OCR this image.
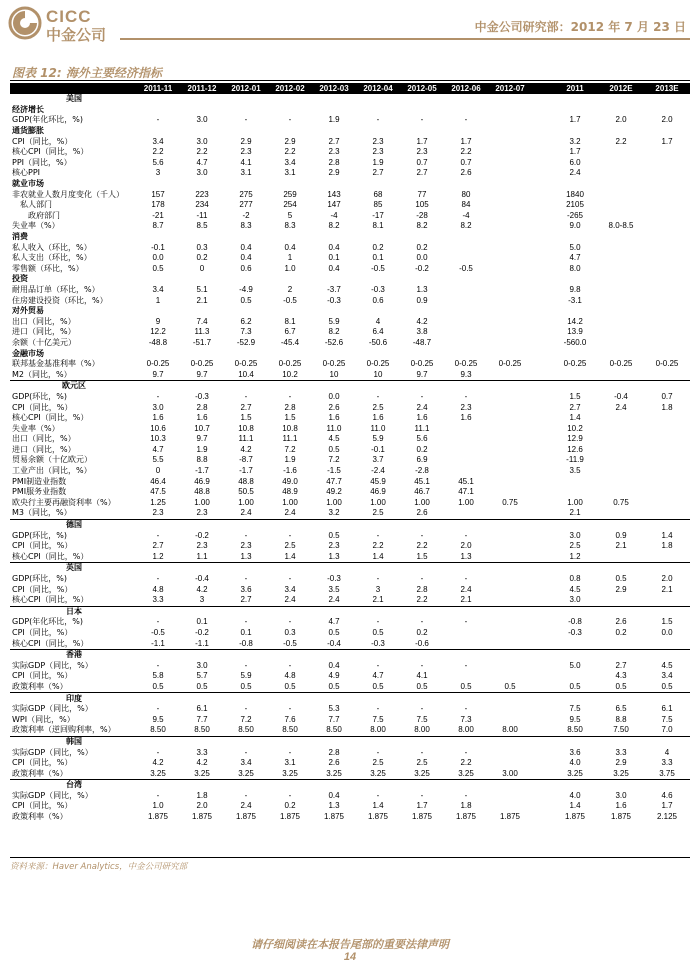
CICC
中金公司	中金公司研究部：2012 年 7 月 23 日
图表 12: 海外主要经济指标
	2011-11	2011-12	2012-01	2012-02	2012-03	2012-04	2012-05	2012-06	2012-07		2011	2012E	2013E
美国													
经济增长													
GDP(年化环比，%)	-	3.0	-	-	1.9	-	-	-			1.7	2.0	2.0
通货膨胀													
CPI（同比，%）	3.4	3.0	2.9	2.9	2.7	2.3	1.7	1.7			3.2	2.2	1.7
核心CPI（同比，%）	2.2	2.2	2.3	2.2	2.3	2.3	2.3	2.2			1.7		
PPI（同比，%）	5.6	4.7	4.1	3.4	2.8	1.9	0.7	0.7			6.0		
核心PPI	3	3.0	3.1	3.1	2.9	2.7	2.7	2.6			2.4		
就业市场													
非农就业人数月度变化（千人）	157	223	275	259	143	68	77	80			1840		
　私人部门	178	234	277	254	147	85	105	84			2105		
　　政府部门	-21	-11	-2	5	-4	-17	-28	-4			-265		
失业率（%）	8.7	8.5	8.3	8.3	8.2	8.1	8.2	8.2			9.0	8.0-8.5	
消费													
私人收入（环比，%）	-0.1	0.3	0.4	0.4	0.4	0.2	0.2				5.0		
私人支出（环比，%）	0.0	0.2	0.4	1	0.1	0.1	0.0				4.7		
零售额（环比，%）	0.5	0	0.6	1.0	0.4	-0.5	-0.2	-0.5			8.0		
投资													
耐用品订单（环比，%）	3.4	5.1	-4.9	2	-3.7	-0.3	1.3				9.8		
住房建设投资（环比，%）	1	2.1	0.5	-0.5	-0.3	0.6	0.9				-3.1		
对外贸易													
出口（同比，%）	9	7.4	6.2	8.1	5.9	4	4.2				14.2		
进口（同比，%）	12.2	11.3	7.3	6.7	8.2	6.4	3.8				13.9		
余额（十亿美元）	-48.8	-51.7	-52.9	-45.4	-52.6	-50.6	-48.7				-560.0		
金融市场													
联邦基金基准利率（%）	0-0.25	0-0.25	0-0.25	0-0.25	0-0.25	0-0.25	0-0.25	0-0.25	0-0.25		0-0.25	0-0.25	0-0.25
M2（同比，%）	9.7	9.7	10.4	10.2	10	10	9.7	9.3					
欧元区													
GDP(环比，%)	-	-0.3	-	-	0.0	-	-	-			1.5	-0.4	0.7
CPI（同比，%）	3.0	2.8	2.7	2.8	2.6	2.5	2.4	2.3			2.7	2.4	1.8
核心CPI（同比，%）	1.6	1.6	1.5	1.5	1.6	1.6	1.6	1.6			1.4		
失业率（%）	10.6	10.7	10.8	10.8	11.0	11.0	11.1				10.2		
出口（同比，%）	10.3	9.7	11.1	11.1	4.5	5.9	5.6				12.9		
进口（同比，%）	4.7	1.9	4.2	7.2	0.5	-0.1	0.2				12.6		
贸易余额（十亿欧元）	5.5	8.8	-8.7	1.9	7.2	3.7	6.9				-11.9		
工业产出（同比，%）	0	-1.7	-1.7	-1.6	-1.5	-2.4	-2.8				3.5		
PMI制造业指数	46.4	46.9	48.8	49.0	47.7	45.9	45.1	45.1					
PMI服务业指数	47.5	48.8	50.5	48.9	49.2	46.9	46.7	47.1					
欧央行主要再融资利率（%）	1.25	1.00	1.00	1.00	1.00	1.00	1.00	1.00	0.75		1.00	0.75	
M3（同比，%）	2.3	2.3	2.4	2.4	3.2	2.5	2.6				2.1		
德国													
GDP(环比，%)	-	-0.2	-	-	0.5	-	-	-			3.0	0.9	1.4
CPI（同比，%）	2.7	2.3	2.3	2.5	2.3	2.2	2.2	2.0			2.5	2.1	1.8
核心CPI（同比，%）	1.2	1.1	1.3	1.4	1.3	1.4	1.5	1.3			1.2		
英国													
GDP(环比，%)	-	-0.4	-	-	-0.3	-	-	-			0.8	0.5	2.0
CPI（同比，%）	4.8	4.2	3.6	3.4	3.5	3	2.8	2.4			4.5	2.9	2.1
核心CPI（同比，%）	3.3	3	2.7	2.4	2.4	2.1	2.2	2.1			3.0		
日本													
GDP(年化环比，%)	-	0.1	-	-	4.7	-	-	-			-0.8	2.6	1.5
CPI（同比，%）	-0.5	-0.2	0.1	0.3	0.5	0.5	0.2				-0.3	0.2	0.0
核心CPI（同比，%）	-1.1	-1.1	-0.8	-0.5	-0.4	-0.3	-0.6						
香港													
实际GDP（同比，%）	-	3.0	-	-	0.4	-	-	-			5.0	2.7	4.5
CPI（同比，%）	5.8	5.7	5.9	4.8	4.9	4.7	4.1					4.3	3.4
政策利率（%）	0.5	0.5	0.5	0.5	0.5	0.5	0.5	0.5	0.5		0.5	0.5	0.5
印度													
实际GDP（同比，%）	-	6.1	-	-	5.3	-	-	-			7.5	6.5	6.1
WPI（同比，%）	9.5	7.7	7.2	7.6	7.7	7.5	7.5	7.3			9.5	8.8	7.5
政策利率（逆回购利率，%）	8.50	8.50	8.50	8.50	8.50	8.00	8.00	8.00	8.00		8.50	7.50	7.0
韩国													
实际GDP（同比，%）	-	3.3	-	-	2.8	-	-	-			3.6	3.3	4
CPI（同比，%）	4.2	4.2	3.4	3.1	2.6	2.5	2.5	2.2			4.0	2.9	3.3
政策利率（%）	3.25	3.25	3.25	3.25	3.25	3.25	3.25	3.25	3.00		3.25	3.25	3.75
台湾													
实际GDP（同比，%）	-	1.8	-	-	0.4	-	-	-			4.0	3.0	4.6
CPI（同比，%）	1.0	2.0	2.4	0.2	1.3	1.4	1.7	1.8			1.4	1.6	1.7
政策利率（%）	1.875	1.875	1.875	1.875	1.875	1.875	1.875	1.875	1.875		1.875	1.875	2.125
资料来源：Haver Analytics，中金公司研究部
请仔细阅读在本报告尾部的重要法律声明
14
